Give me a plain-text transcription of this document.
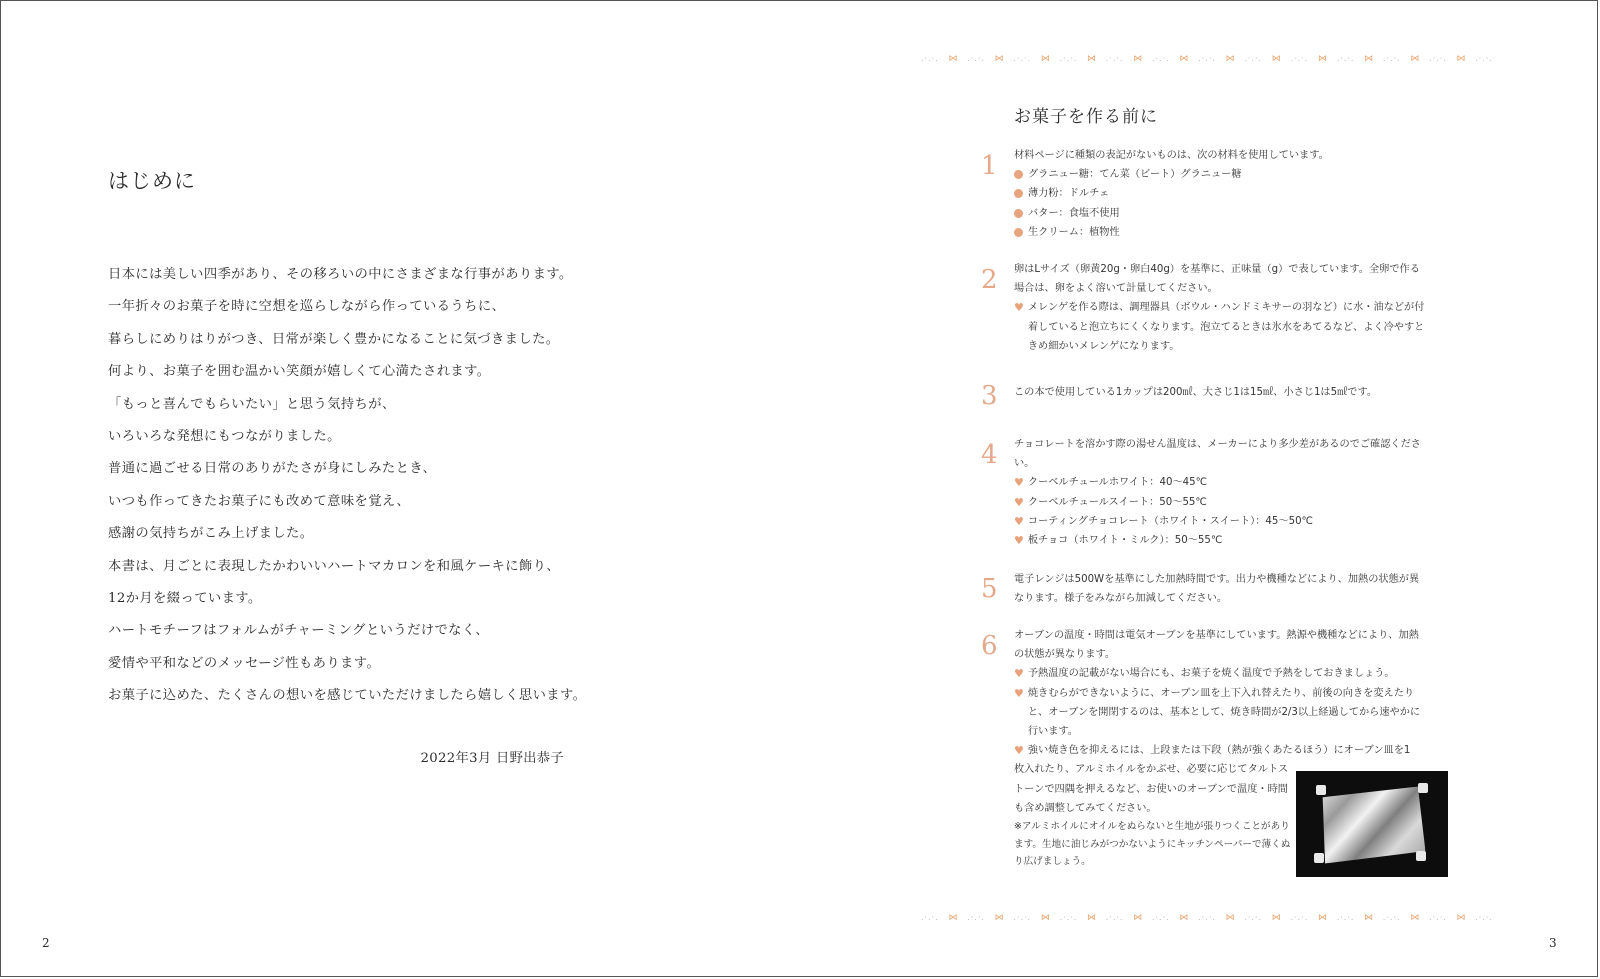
はじめに
日本には美しい四季があり、その移ろいの中にさまざまな行事があります。
一年折々のお菓子を時に空想を巡らしながら作っているうちに、
暮らしにめりはりがつき、日常が楽しく豊かになることに気づきました。
何より、お菓子を囲む温かい笑顔が嬉しくて心満たされます。
「もっと喜んでもらいたい」と思う気持ちが、
いろいろな発想にもつながりました。
普通に過ごせる日常のありがたさが身にしみたとき、
いつも作ってきたお菓子にも改めて意味を覚え、
感謝の気持ちがこみ上げました。
本書は、月ごとに表現したかわいいハートマカロンを和風ケーキに飾り、
12か月を綴っています。
ハートモチーフはフォルムがチャーミングというだけでなく、
愛情や平和などのメッセージ性もあります。
お菓子に込めた、たくさんの想いを感じていただけましたら嬉しく思います。
2022年3月 日野出恭子
2
.·.·. ⋈ .·.·. ⋈ .·.·. ⋈ .·.·. ⋈ .·.·. ⋈ .·.·. ⋈ .·.·. ⋈ .·.·. ⋈ .·.·. ⋈ .·.·. ⋈ .·.·. ⋈ .·.·. ⋈ .·.·.
お菓子を作る前に
1 材料ページに種類の表記がないものは、次の材料を使用しています。

グラニュー糖：てん菜（ビート）グラニュー糖
薄力粉：ドルチェ
バター：食塩不使用
生クリーム：植物性
2 卵はLサイズ（卵黄20g・卵白40g）を基準に、正味量（g）で表しています。全卵で作る場合は、卵をよく溶いて計量してください。

♥ メレンゲを作る際は、調理器具（ボウル・ハンドミキサーの羽など）に水・油などが付着していると泡立ちにくくなります。泡立てるときは氷水をあてるなど、よく冷やすときめ細かいメレンゲになります。
3 この本で使用している1カップは200㎖、大さじ1は15㎖、小さじ1は5㎖です。

4 チョコレートを溶かす際の湯せん温度は、メーカーにより多少差があるのでご確認ください。

♥ クーベルチュールホワイト：40〜45℃
♥ クーベルチュールスイート：50〜55℃
♥ コーティングチョコレート（ホワイト・スイート）：45〜50℃
♥ 板チョコ（ホワイト・ミルク）：50〜55℃
5 電子レンジは500Wを基準にした加熱時間です。出力や機種などにより、加熱の状態が異なります。様子をみながら加減してください。

6 オーブンの温度・時間は電気オーブンを基準にしています。熱源や機種などにより、加熱の状態が異なります。

♥ 予熱温度の記載がない場合にも、お菓子を焼く温度で予熱をしておきましょう。
♥ 焼きむらができないように、オーブン皿を上下入れ替えたり、前後の向きを変えたりと、オーブンを開閉するのは、基本として、焼き時間が2/3以上経過してから速やかに行います。
♥ 強い焼き色を抑えるには、上段または下段（熱が強くあたるほう）にオーブン皿を1
枚入れたり、アルミホイルをかぶせ、必要に応じてタルトストーンで四隅を押えるなど、お使いのオーブンで温度・時間も含め調整してみてください。
※アルミホイルにオイルをぬらないと生地が張りつくことがあります。生地に油じみがつかないようにキッチンペーパーで薄くぬり広げましょう。
.·.·. ⋈ .·.·. ⋈ .·.·. ⋈ .·.·. ⋈ .·.·. ⋈ .·.·. ⋈ .·.·. ⋈ .·.·. ⋈ .·.·. ⋈ .·.·. ⋈ .·.·. ⋈ .·.·. ⋈ .·.·.
3
